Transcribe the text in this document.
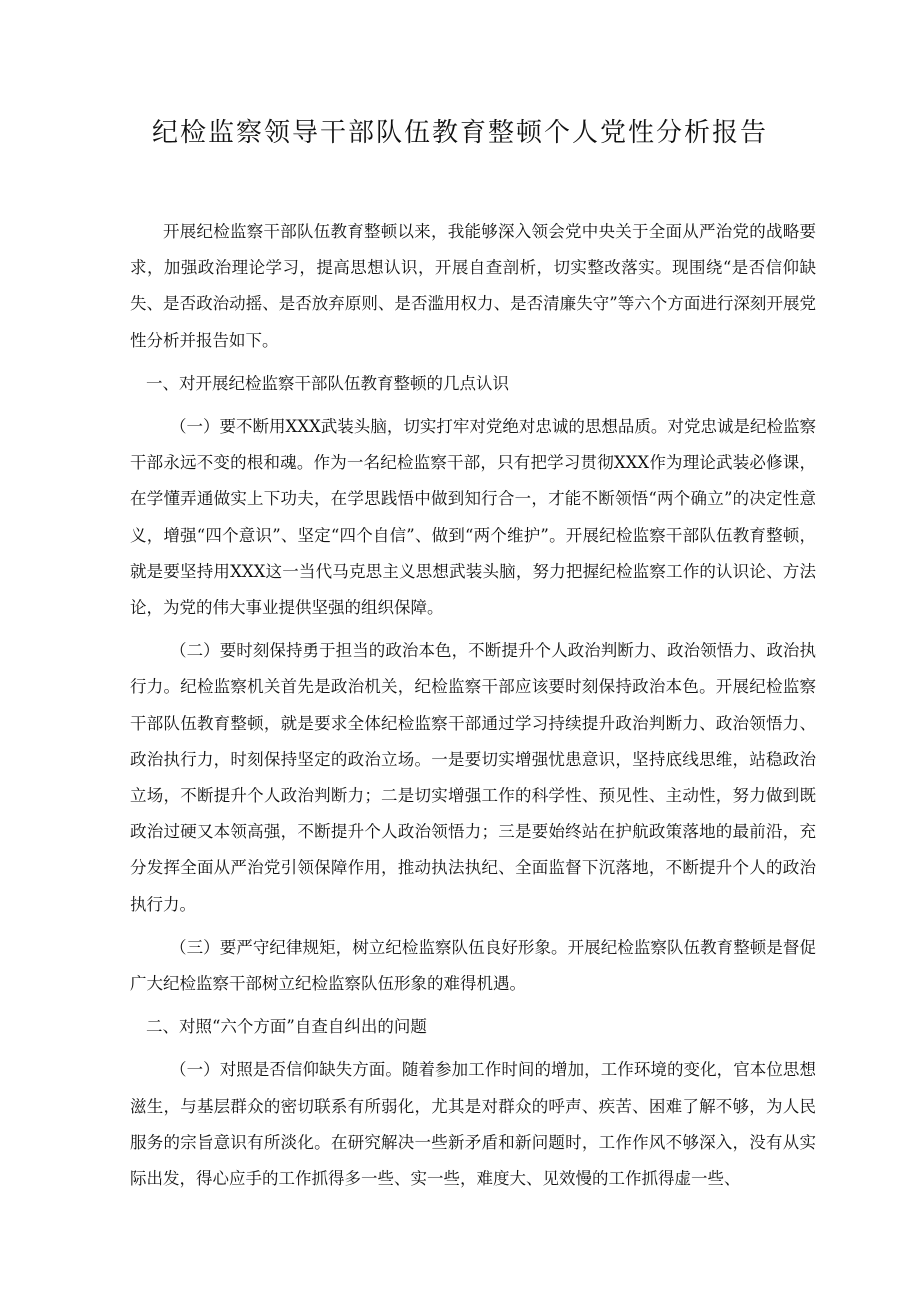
纪检监察领导干部队伍教育整顿个人党性分析报告

开展纪检监察干部队伍教育整顿以来，我能够深入领会党中央关于全面从严治党的战略要求，加强政治理论学习，提高思想认识，开展自查剖析，切实整改落实。现围绕“是否信仰缺失、是否政治动摇、是否放弃原则、是否滥用权力、是否清廉失守”等六个方面进行深刻开展党性分析并报告如下。

一、对开展纪检监察干部队伍教育整顿的几点认识

（一）要不断用XXX武装头脑，切实打牢对党绝对忠诚的思想品质。对党忠诚是纪检监察干部永远不变的根和魂。作为一名纪检监察干部，只有把学习贯彻XXX作为理论武装必修课，在学懂弄通做实上下功夫，在学思践悟中做到知行合一，才能不断领悟“两个确立”的决定性意义，增强“四个意识”、坚定“四个自信”、做到“两个维护”。开展纪检监察干部队伍教育整顿，就是要坚持用XXX这一当代马克思主义思想武装头脑，努力把握纪检监察工作的认识论、方法论，为党的伟大事业提供坚强的组织保障。

（二）要时刻保持勇于担当的政治本色，不断提升个人政治判断力、政治领悟力、政治执行力。纪检监察机关首先是政治机关，纪检监察干部应该要时刻保持政治本色。开展纪检监察干部队伍教育整顿，就是要求全体纪检监察干部通过学习持续提升政治判断力、政治领悟力、政治执行力，时刻保持坚定的政治立场。一是要切实增强忧患意识，坚持底线思维，站稳政治立场，不断提升个人政治判断力；二是切实增强工作的科学性、预见性、主动性，努力做到既政治过硬又本领高强，不断提升个人政治领悟力；三是要始终站在护航政策落地的最前沿，充分发挥全面从严治党引领保障作用，推动执法执纪、全面监督下沉落地，不断提升个人的政治执行力。

（三）要严守纪律规矩，树立纪检监察队伍良好形象。开展纪检监察队伍教育整顿是督促广大纪检监察干部树立纪检监察队伍形象的难得机遇。

二、对照“六个方面”自查自纠出的问题

（一）对照是否信仰缺失方面。随着参加工作时间的增加，工作环境的变化，官本位思想滋生，与基层群众的密切联系有所弱化，尤其是对群众的呼声、疾苦、困难了解不够，为人民服务的宗旨意识有所淡化。在研究解决一些新矛盾和新问题时，工作作风不够深入，没有从实际出发，得心应手的工作抓得多一些、实一些，难度大、见效慢的工作抓得虚一些、
